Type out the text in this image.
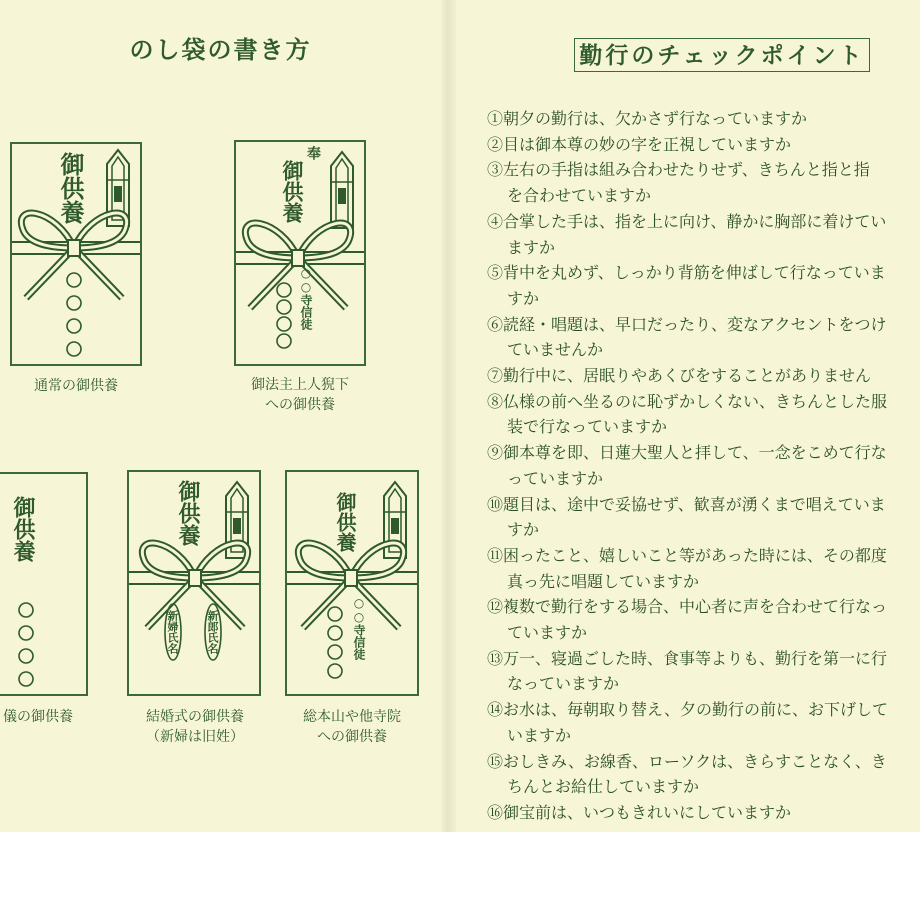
のし袋の書き方	勤行のチェックポイント
御供養	奉
御供養
○○寺信徒
御供養	御供養
新郎氏名
新婦氏名
御供養
○○寺信徒
通常の御供養	御法主上人猊下
への御供養
儀の御供養	結婚式の御供養
（新婦は旧姓）
総本山や他寺院
への御供養
①朝夕の勤行は、欠かさず行なっていますか
②目は御本尊の妙の字を正視していますか
③左右の手指は組み合わせたりせず、きちんと指と指
を合わせていますか
④合掌した手は、指を上に向け、静かに胸部に着けてい
ますか
⑤背中を丸めず、しっかり背筋を伸ばして行なっていま
すか
⑥読経・唱題は、早口だったり、変なアクセントをつけ
ていませんか
⑦勤行中に、居眠りやあくびをすることがありません
⑧仏様の前へ坐るのに恥ずかしくない、きちんとした服
装で行なっていますか
⑨御本尊を即、日蓮大聖人と拝して、一念をこめて行な
っていますか
⑩題目は、途中で妥協せず、歓喜が湧くまで唱えていま
すか
⑪困ったこと、嬉しいこと等があった時には、その都度
真っ先に唱題していますか
⑫複数で勤行をする場合、中心者に声を合わせて行なっ
ていますか
⑬万一、寝過ごした時、食事等よりも、勤行を第一に行
なっていますか
⑭お水は、毎朝取り替え、夕の勤行の前に、お下げして
いますか
⑮おしきみ、お線香、ローソクは、きらすことなく、き
ちんとお給仕していますか
⑯御宝前は、いつもきれいにしていますか
